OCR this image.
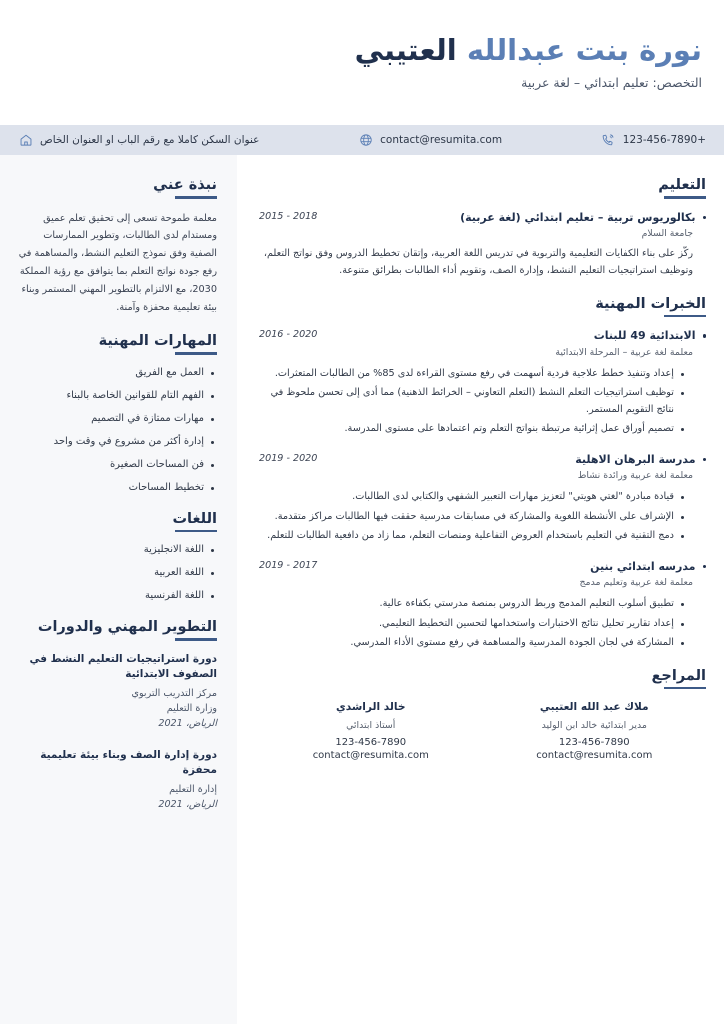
نورة بنت عبدالله العتيبي
التخصص: تعليم ابتدائي – لغة عربية
+123-456-7890
contact@resumita.com
عنوان السكن كاملا مع رقم الباب او العنوان الخاص
التعليم
بكالوريوس تربية – تعليم ابتدائي (لغة عربية)
2015 - 2018
جامعة السلام
ركّز على بناء الكفايات التعليمية والتربوية في تدريس اللغة العربية، وإتقان تخطيط الدروس وفق نواتج التعلم، وتوظيف استراتيجيات التعليم النشط، وإدارة الصف، وتقويم أداء الطالبات بطرائق متنوعة.
الخبرات المهنية
الابتدائية 49 للبنات
2016 - 2020
معلمة لغة عربية – المرحلة الابتدائية
إعداد وتنفيذ خطط علاجية فردية أسهمت في رفع مستوى القراءة لدى 85% من الطالبات المتعثرات.
توظيف استراتيجيات التعلم النشط (التعلم التعاوني – الخرائط الذهنية) مما أدى إلى تحسن ملحوظ في نتائج التقويم المستمر.
تصميم أوراق عمل إثرائية مرتبطة بنواتج التعلم وتم اعتمادها على مستوى المدرسة.
مدرسة البرهان الاهلية
2019 - 2020
معلمة لغة عربية ورائدة نشاط
قيادة مبادرة "لغتي هويتي" لتعزيز مهارات التعبير الشفهي والكتابي لدى الطالبات.
الإشراف على الأنشطة اللغوية والمشاركة في مسابقات مدرسية حققت فيها الطالبات مراكز متقدمة.
دمج التقنية في التعليم باستخدام العروض التفاعلية ومنصات التعلم، مما زاد من دافعية الطالبات للتعلم.
مدرسه ابتدائي بنين
2019 - 2017
معلمة لغة عربية وتعليم مدمج
تطبيق أسلوب التعليم المدمج وربط الدروس بمنصة مدرستي بكفاءة عالية.
إعداد تقارير تحليل نتائج الاختبارات واستخدامها لتحسين التخطيط التعليمي.
المشاركة في لجان الجودة المدرسية والمساهمة في رفع مستوى الأداء المدرسي.
المراجع
ملاك عبد الله العتيبي
مدير ابتدائية خالد ابن الوليد
123-456-7890
contact@resumita.com
خالد الراشدي
أستاذ ابتدائي
123-456-7890
contact@resumita.com
نبذة عني
معلمة طموحة تسعى إلى تحقيق تعلم عميق ومستدام لدى الطالبات، وتطوير الممارسات الصفية وفق نموذج التعليم النشط، والمساهمة في رفع جودة نواتج التعلم بما يتوافق مع رؤية المملكة 2030، مع الالتزام بالتطوير المهني المستمر وبناء بيئة تعليمية محفزة وآمنة.
المهارات المهنية
العمل مع الفريق
الفهم التام للقوانين الخاصة بالبناء
مهارات ممتازة في التصميم
إدارة أكثر من مشروع في وقت واحد
فن المساحات الصغيرة
تخطيط المساحات
اللغات
اللغة الانجليزية
اللغة العربية
اللغة الفرنسية
التطوير المهني والدورات
دورة استراتيجيات التعليم النشط في الصفوف الابتدائية
مركز التدريب التربوي
وزارة التعليم
الرياض، 2021
دورة إدارة الصف وبناء بيئة تعليمية محفزة
إدارة التعليم
الرياض، 2021
